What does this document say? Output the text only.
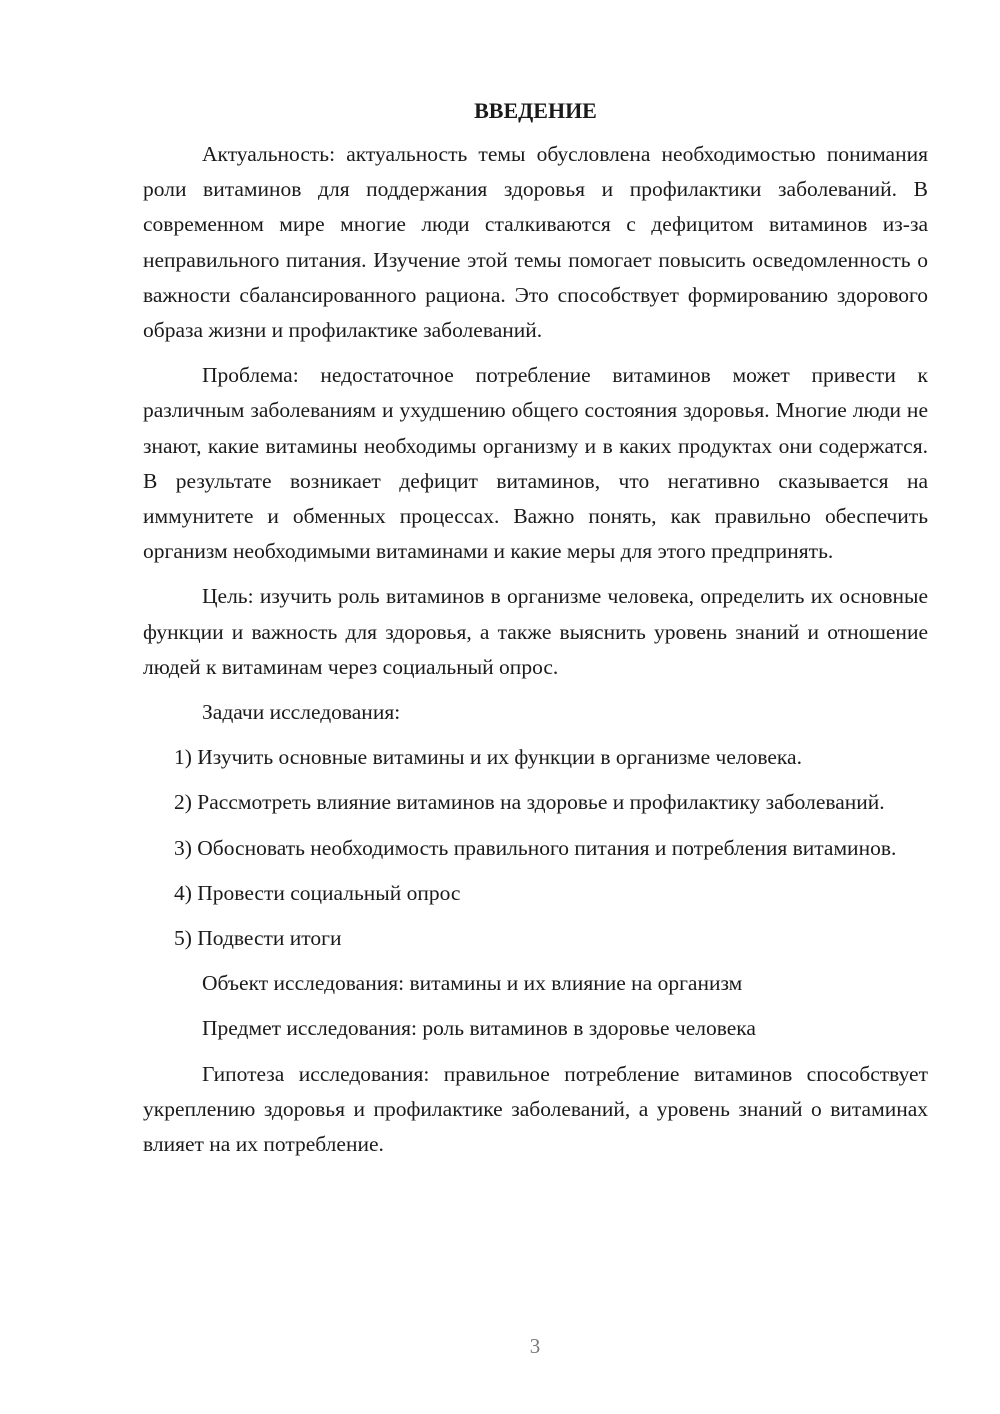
ВВЕДЕНИЕ

Актуальность: актуальность темы обусловлена необходимостью понимания роли витаминов для поддержания здоровья и профилактики заболеваний. В современном мире многие люди сталкиваются с дефицитом витаминов из-за неправильного питания. Изучение этой темы помогает повысить осведомленность о важности сбалансированного рациона. Это способствует формированию здорового образа жизни и профилактике заболеваний.

Проблема: недостаточное потребление витаминов может привести к различным заболеваниям и ухудшению общего состояния здоровья. Многие люди не знают, какие витамины необходимы организму и в каких продуктах они содержатся. В результате возникает дефицит витаминов, что негативно сказывается на иммунитете и обменных процессах. Важно понять, как правильно обеспечить организм необходимыми витаминами и какие меры для этого предпринять.

Цель: изучить роль витаминов в организме человека, определить их основные функции и важность для здоровья, а также выяснить уровень знаний и отношение людей к витаминам через социальный опрос.

Задачи исследования:

1) Изучить основные витамины и их функции в организме человека.

2) Рассмотреть влияние витаминов на здоровье и профилактику заболеваний.

3) Обосновать необходимость правильного питания и потребления витаминов.

4) Провести социальный опрос

5) Подвести итоги

Объект исследования: витамины и их влияние на организм

Предмет исследования: роль витаминов в здоровье человека

Гипотеза исследования: правильное потребление витаминов способствует укреплению здоровья и профилактике заболеваний, а уровень знаний о витаминах влияет на их потребление.

3
